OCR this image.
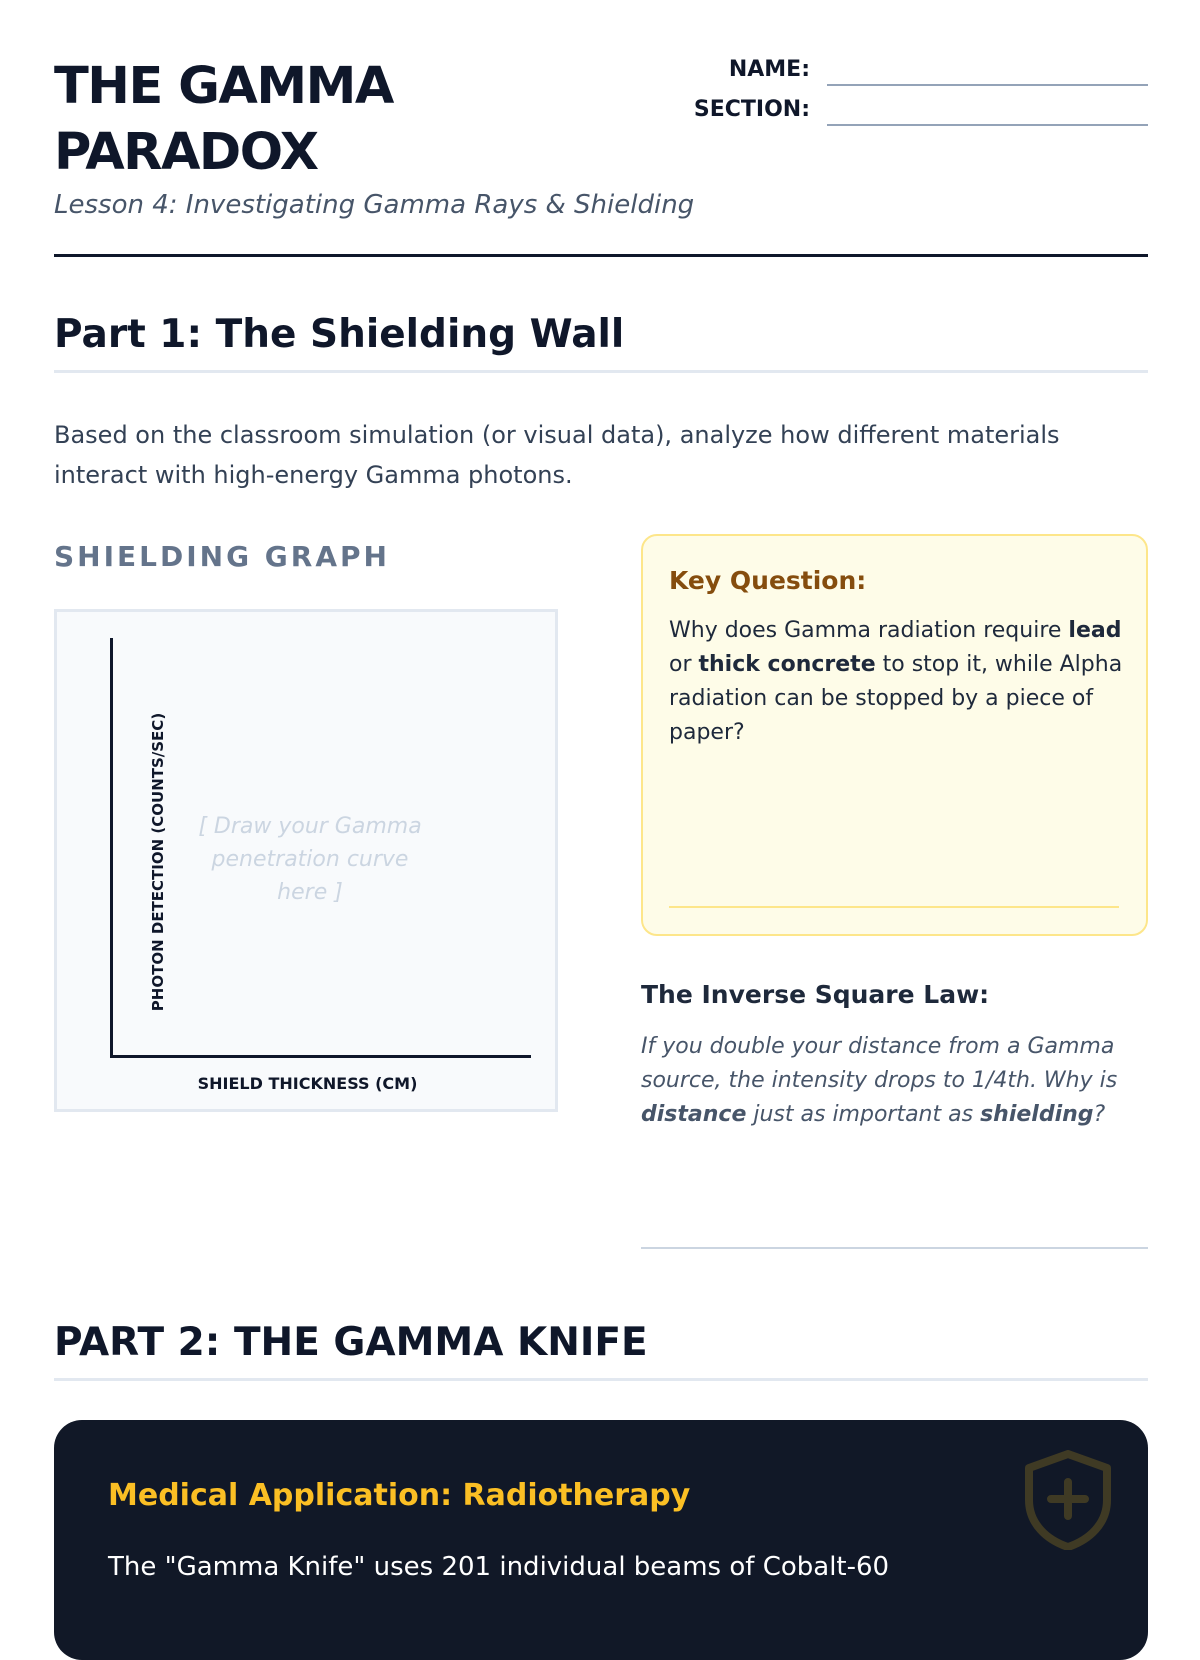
THE GAMMA PARADOX
Lesson 4: Investigating Gamma Rays & Shielding
NAME:
SECTION:
Part 1: The Shielding Wall
Based on the classroom simulation (or visual data), analyze how different materials interact with high-energy Gamma photons.
SHIELDING GRAPH
PHOTON DETECTION (COUNTS/SEC)
SHIELD THICKNESS (CM)
[ Draw your Gamma penetration curve here ]
Key Question:
Why does Gamma radiation require lead or thick concrete to stop it, while Alpha radiation can be stopped by a piece of paper?
The Inverse Square Law:
If you double your distance from a Gamma source, the intensity drops to 1/4th. Why is distance just as important as shielding?
PART 2: THE GAMMA KNIFE
Medical Application: Radiotherapy
The "Gamma Knife" uses 201 individual beams of Cobalt-60
